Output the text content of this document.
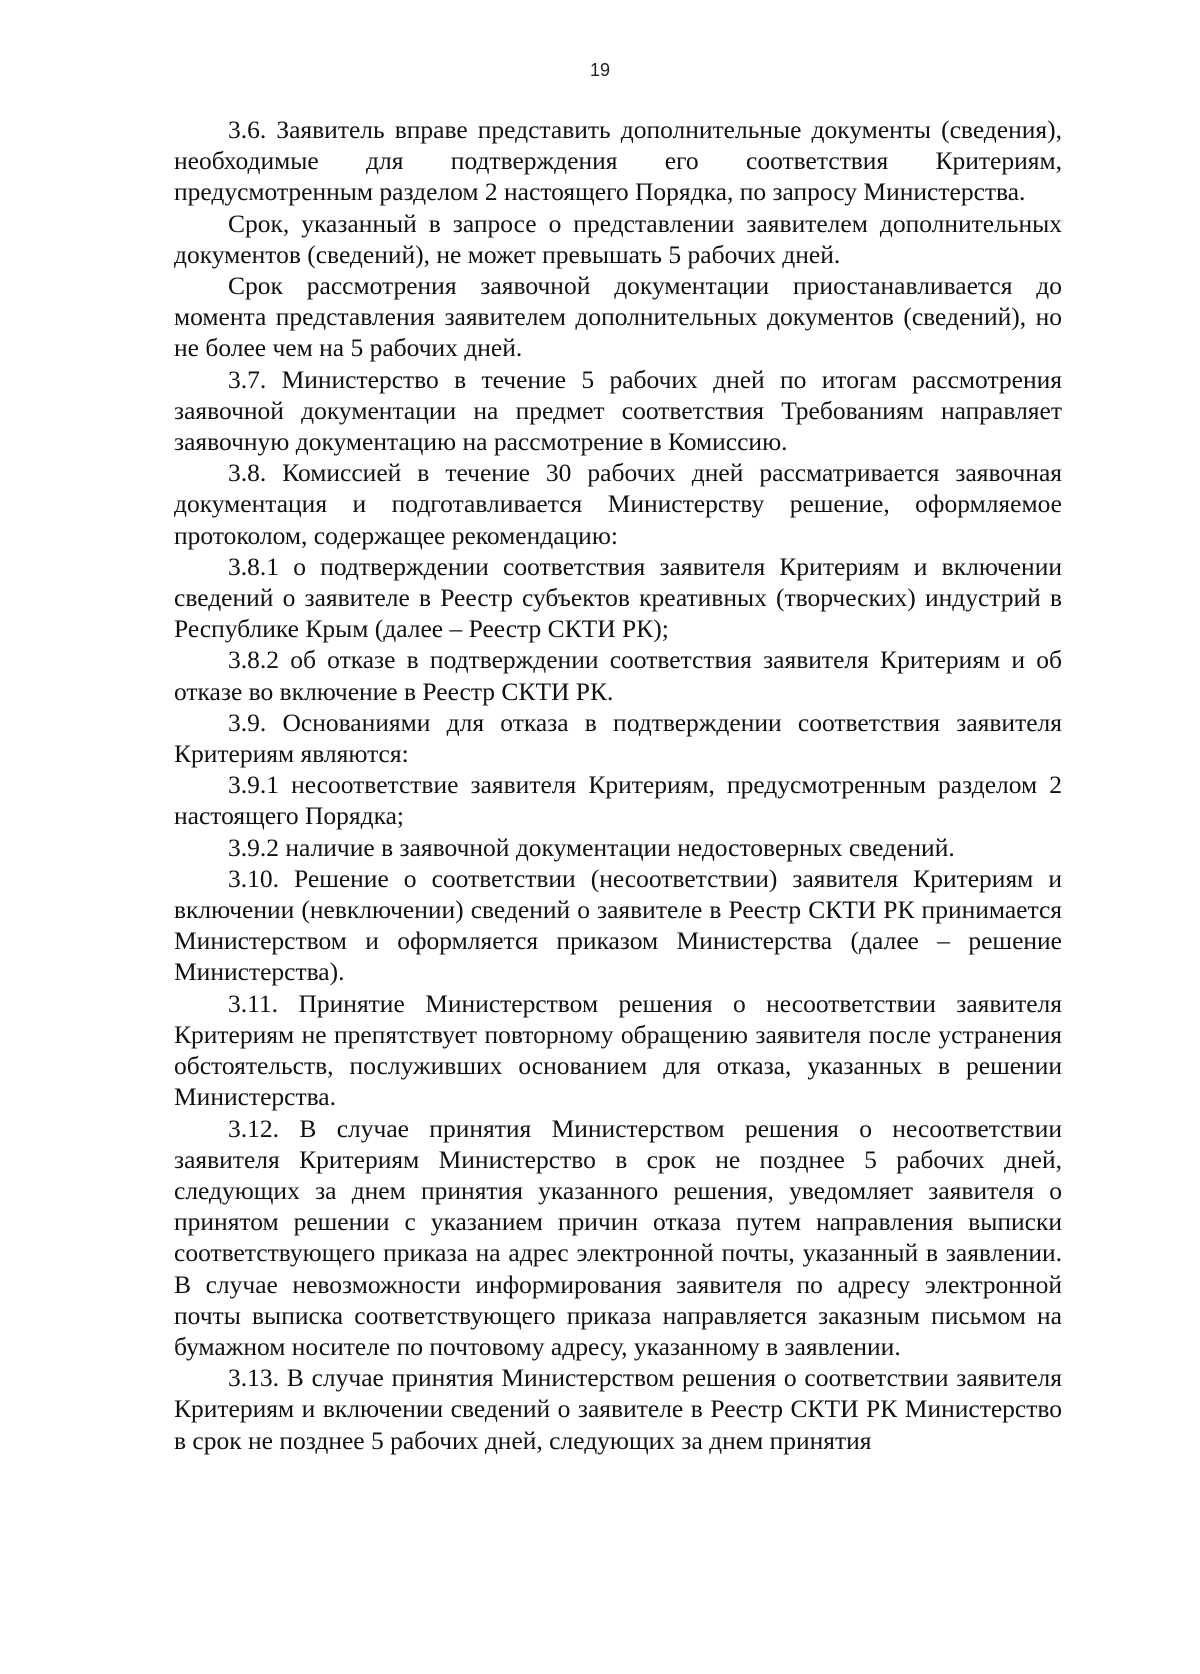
19

3.6. Заявитель вправе представить дополнительные документы (сведения), необходимые для подтверждения его соответствия Критериям, предусмотренным разделом 2 настоящего Порядка, по запросу Министерства.

Срок, указанный в запросе о представлении заявителем дополнительных документов (сведений), не может превышать 5 рабочих дней.

Срок рассмотрения заявочной документации приостанавливается до момента представления заявителем дополнительных документов (сведений), но не более чем на 5 рабочих дней.

3.7. Министерство в течение 5 рабочих дней по итогам рассмотрения заявочной документации на предмет соответствия Требованиям направляет заявочную документацию на рассмотрение в Комиссию.

3.8. Комиссией в течение 30 рабочих дней рассматривается заявочная документация и подготавливается Министерству решение, оформляемое протоколом, содержащее рекомендацию:

3.8.1 о подтверждении соответствия заявителя Критериям и включении сведений о заявителе в Реестр субъектов креативных (творческих) индустрий в Республике Крым (далее – Реестр СКТИ РК);

3.8.2 об отказе в подтверждении соответствия заявителя Критериям и об отказе во включение в Реестр СКТИ РК.

3.9. Основаниями для отказа в подтверждении соответствия заявителя Критериям являются:

3.9.1 несоответствие заявителя Критериям, предусмотренным разделом 2 настоящего Порядка;

3.9.2 наличие в заявочной документации недостоверных сведений.

3.10. Решение о соответствии (несоответствии) заявителя Критериям и включении (невключении) сведений о заявителе в Реестр СКТИ РК принимается Министерством и оформляется приказом Министерства (далее – решение Министерства).

3.11. Принятие Министерством решения о несоответствии заявителя Критериям не препятствует повторному обращению заявителя после устранения обстоятельств, послуживших основанием для отказа, указанных в решении Министерства.

3.12. В случае принятия Министерством решения о несоответствии заявителя Критериям Министерство в срок не позднее 5 рабочих дней, следующих за днем принятия указанного решения, уведомляет заявителя о принятом решении с указанием причин отказа путем направления выписки соответствующего приказа на адрес электронной почты, указанный в заявлении. В случае невозможности информирования заявителя по адресу электронной почты выписка соответствующего приказа направляется заказным письмом на бумажном носителе по почтовому адресу, указанному в заявлении.

3.13. В случае принятия Министерством решения о соответствии заявителя Критериям и включении сведений о заявителе в Реестр СКТИ РК Министерство в срок не позднее 5 рабочих дней, следующих за днем принятия
